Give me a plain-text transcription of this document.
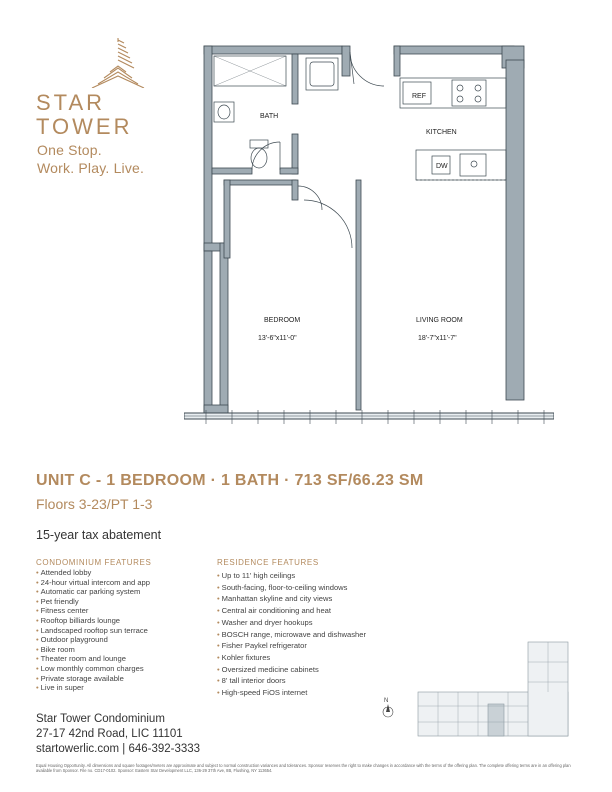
STAR
TOWER
One Stop.
Work. Play. Live.
BATH
REF
KITCHEN
DW
BEDROOM
13'-6"x11'-0"
LIVING ROOM
18'-7"x11'-7"
UNIT C - 1 BEDROOM · 1 BATH · 713 SF/66.23 SM
Floors 3-23/PT 1-3
15-year tax abatement
CONDOMINIUM FEATURES
• Attended lobby
• 24-hour virtual intercom and app
• Automatic car parking system
• Pet friendly
• Fitness center
• Rooftop billiards lounge
• Landscaped rooftop sun terrace
• Outdoor playground
• Bike room
• Theater room and lounge
• Low monthly common charges
• Private storage available
• Live in super
RESIDENCE FEATURES
• Up to 11' high ceilings
• South-facing, floor-to-ceiling windows
• Manhattan skyline and city views
• Central air conditioning and heat
• Washer and dryer hookups
• BOSCH range, microwave and dishwasher
• Fisher Paykel refrigerator
• Kohler fixtures
• Oversized medicine cabinets
• 8' tall interior doors
• High-speed FiOS internet
N
Star Tower Condominium
27-17 42nd Road, LIC 11101
startowerlic.com | 646-392-3333
Equal Housing Opportunity. All dimensions and square footages/meters are approximate and subject to normal construction variances and tolerances. Sponsor reserves the right to make changes in accordance with the terms of the offering plan. The complete offering terms are in an offering plan available from Sponsor. File no. CD17-0102. Sponsor: Eastern Star Development LLC, 136-29 37th Ave, 8B, Flushing, NY 113654.
